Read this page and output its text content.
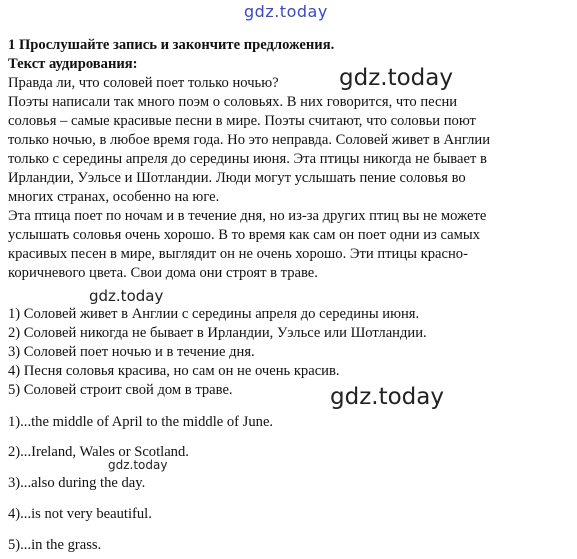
gdz.today
1 Прослушайте запись и закончите предложения.
Текст аудирования:
Правда ли, что соловей поет только ночью?
Поэты написали так много поэм о соловьях. В них говорится, что песни
соловья – самые красивые песни в мире. Поэты считают, что соловьи поют
только ночью, в любое время года. Но это неправда. Соловей живет в Англии
только с середины апреля до середины июня. Эта птицы никогда не бывает в
Ирландии, Уэльсе и Шотландии. Люди могут услышать пение соловья во
многих странах, особенно на юге.
Эта птица поет по ночам и в течение дня, но из-за других птиц вы не можете
услышать соловья очень хорошо. В то время как сам он поет одни из самых
красивых песен в мире, выглядит он не очень хорошо. Эти птицы красно-
коричневого цвета. Свои дома они строят в траве.
1) Соловей живет в Англии с середины апреля до середины июня.
2) Соловей никогда не бывает в Ирландии, Уэльсе или Шотландии.
3) Соловей поет ночью и в течение дня.
4) Песня соловья красива, но сам он не очень красив.
5) Соловей строит свой дом в траве.
1)...the middle of April to the middle of June.
2)...Ireland, Wales or Scotland.
3)...also during the day.
4)...is not very beautiful.
5)...in the grass.
gdz.today
gdz.today
gdz.today
gdz.today
